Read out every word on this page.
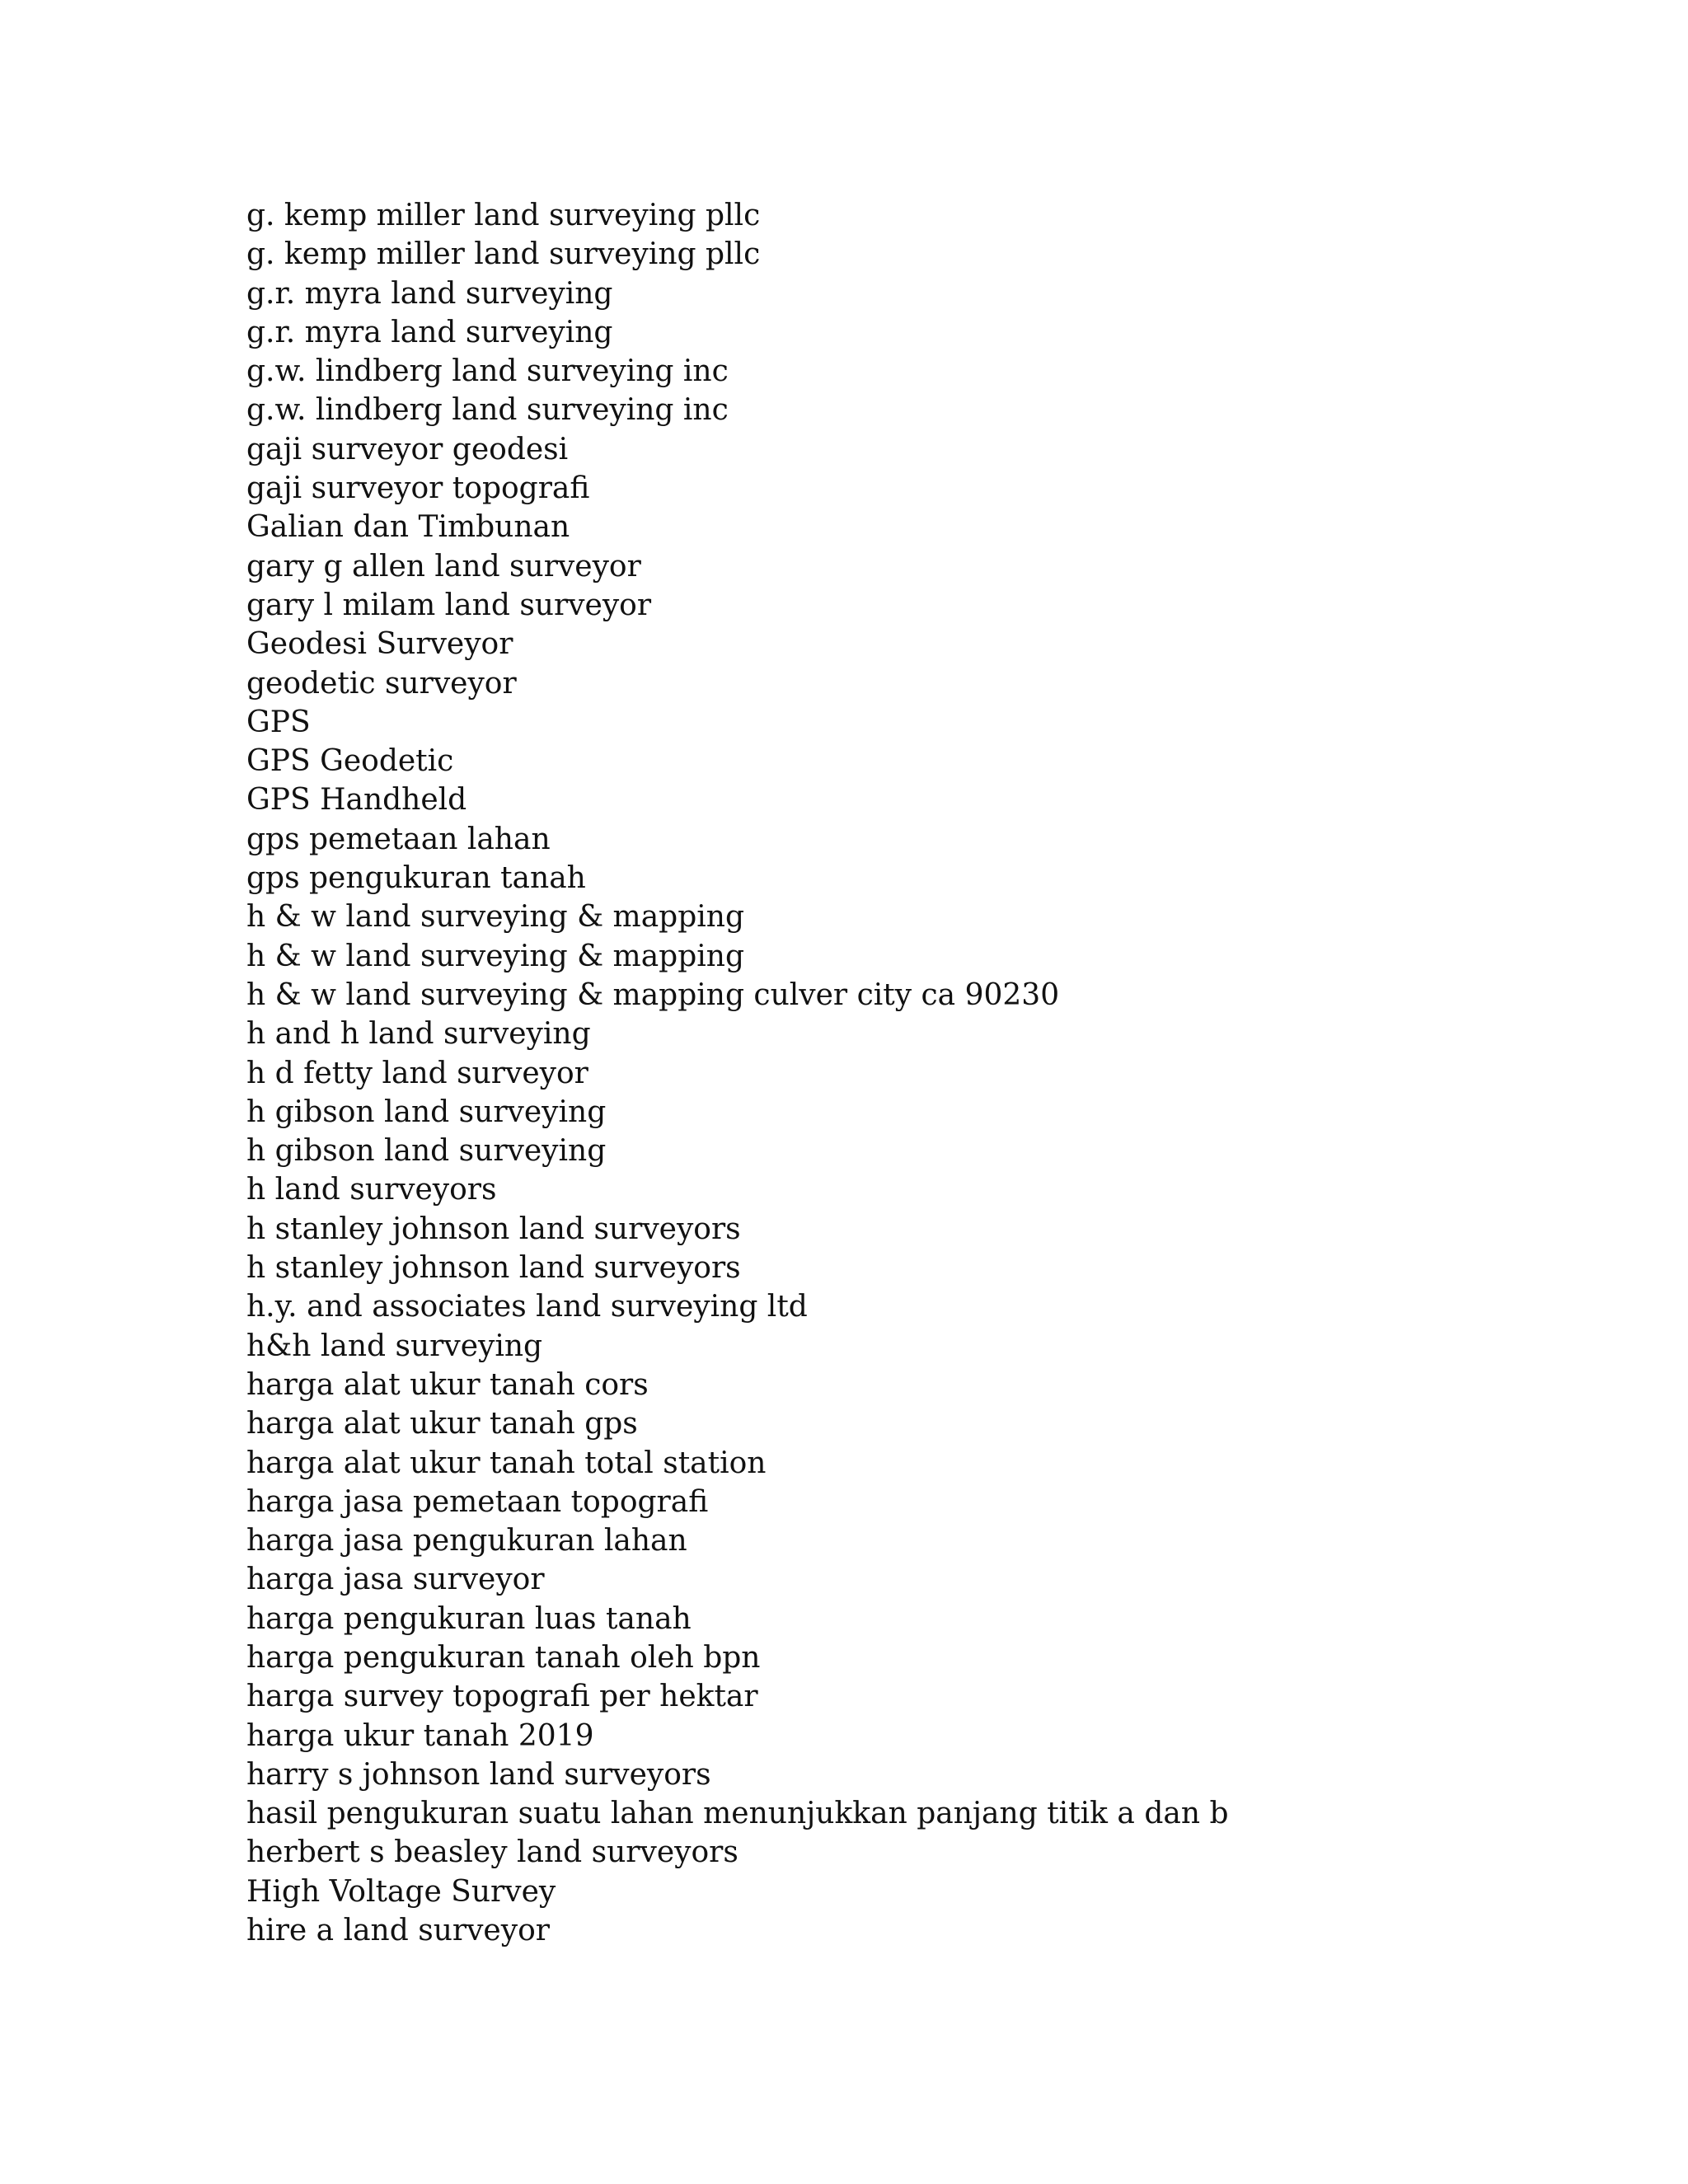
g. kemp miller land surveying pllc
g. kemp miller land surveying pllc
g.r. myra land surveying
g.r. myra land surveying
g.w. lindberg land surveying inc
g.w. lindberg land surveying inc
gaji surveyor geodesi
gaji surveyor topografi
Galian dan Timbunan
gary g allen land surveyor
gary l milam land surveyor
Geodesi Surveyor
geodetic surveyor
GPS
GPS Geodetic
GPS Handheld
gps pemetaan lahan
gps pengukuran tanah
h & w land surveying & mapping
h & w land surveying & mapping
h & w land surveying & mapping culver city ca 90230
h and h land surveying
h d fetty land surveyor
h gibson land surveying
h gibson land surveying
h land surveyors
h stanley johnson land surveyors
h stanley johnson land surveyors
h.y. and associates land surveying ltd
h&h land surveying
harga alat ukur tanah cors
harga alat ukur tanah gps
harga alat ukur tanah total station
harga jasa pemetaan topografi
harga jasa pengukuran lahan
harga jasa surveyor
harga pengukuran luas tanah
harga pengukuran tanah oleh bpn
harga survey topografi per hektar
harga ukur tanah 2019
harry s johnson land surveyors
hasil pengukuran suatu lahan menunjukkan panjang titik a dan b
herbert s beasley land surveyors
High Voltage Survey
hire a land surveyor
